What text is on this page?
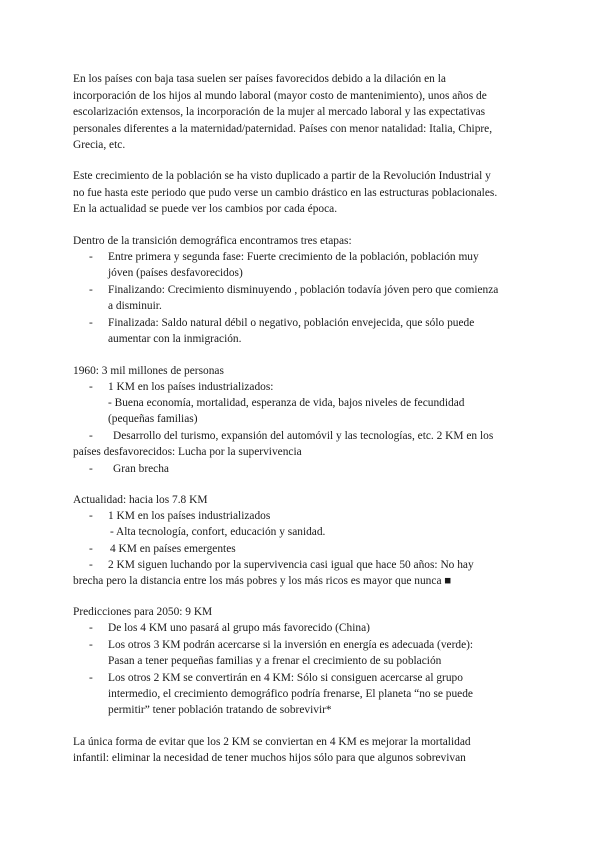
En los países con baja tasa suelen ser países favorecidos debido a la dilación en la
incorporación de los hijos al mundo laboral (mayor costo de mantenimiento), unos años de
escolarización extensos, la incorporación de la mujer al mercado laboral y las expectativas
personales diferentes a la maternidad/paternidad. Países con menor natalidad: Italia, Chipre,
Grecia, etc.
Este crecimiento de la población se ha visto duplicado a partir de la Revolución Industrial y
no fue hasta este periodo que pudo verse un cambio drástico en las estructuras poblacionales.
En la actualidad se puede ver los cambios por cada época.
Dentro de la transición demográfica encontramos tres etapas:
- Entre primera y segunda fase: Fuerte crecimiento de la población, población muy
jóven (países desfavorecidos)
- Finalizando: Crecimiento disminuyendo , población todavía jóven pero que comienza
a disminuir.
- Finalizada: Saldo natural débil o negativo, población envejecida, que sólo puede
aumentar con la inmigración.
1960: 3 mil millones de personas
- 1 KM en los países industrializados:
- Buena economía, mortalidad, esperanza de vida, bajos niveles de fecundidad
(pequeñas familias)
- Desarrollo del turismo, expansión del automóvil y las tecnologías, etc. 2 KM en los
países desfavorecidos: Lucha por la supervivencia
- Gran brecha
Actualidad: hacia los 7.8 KM
- 1 KM en los países industrializados
- Alta tecnología, confort, educación y sanidad.
- 4 KM en países emergentes
- 2 KM siguen luchando por la supervivencia casi igual que hace 50 años: No hay
brecha pero la distancia entre los más pobres y los más ricos es mayor que nunca ■
Predicciones para 2050: 9 KM
- De los 4 KM uno pasará al grupo más favorecido (China)
- Los otros 3 KM podrán acercarse si la inversión en energía es adecuada (verde):
Pasan a tener pequeñas familias y a frenar el crecimiento de su población
- Los otros 2 KM se convertirán en 4 KM: Sólo si consiguen acercarse al grupo
intermedio, el crecimiento demográfico podría frenarse, El planeta “no se puede
permitir” tener población tratando de sobrevivir*
La única forma de evitar que los 2 KM se conviertan en 4 KM es mejorar la mortalidad
infantil: eliminar la necesidad de tener muchos hijos sólo para que algunos sobrevivan
